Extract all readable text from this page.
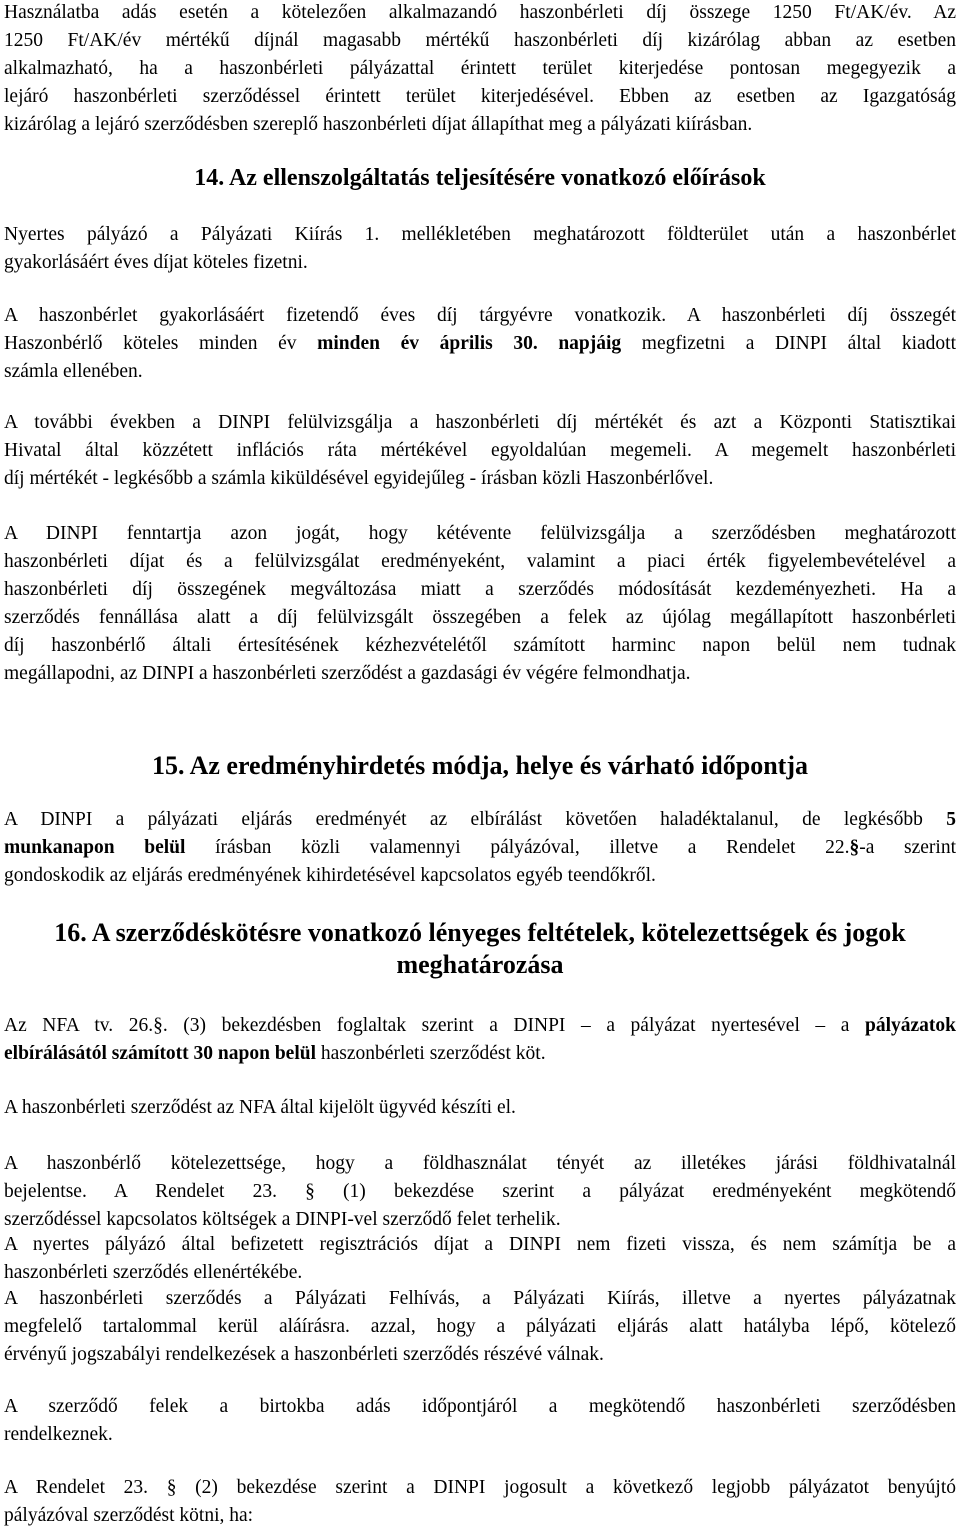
Használatba adás esetén a kötelezően alkalmazandó haszonbérleti díj összege 1250 Ft/AK/év. Az
1250 Ft/AK/év mértékű díjnál magasabb mértékű haszonbérleti díj kizárólag abban az esetben
alkalmazható, ha a haszonbérleti pályázattal érintett terület kiterjedése pontosan megegyezik a
lejáró haszonbérleti szerződéssel érintett terület kiterjedésével. Ebben az esetben az Igazgatóság
kizárólag a lejáró szerződésben szereplő haszonbérleti díjat állapíthat meg a pályázati kiírásban.

14. Az ellenszolgáltatás teljesítésére vonatkozó előírások

Nyertes pályázó a Pályázati Kiírás 1. mellékletében meghatározott földterület után a haszonbérlet
gyakorlásáért éves díjat köteles fizetni.

A haszonbérlet gyakorlásáért fizetendő éves díj tárgyévre vonatkozik. A haszonbérleti díj összegét
Haszonbérlő köteles minden év minden év április 30. napjáig megfizetni a DINPI által kiadott
számla ellenében.

A további években a DINPI felülvizsgálja a haszonbérleti díj mértékét és azt a Központi Statisztikai
Hivatal által közzétett inflációs ráta mértékével egyoldalúan megemeli. A megemelt haszonbérleti
díj mértékét - legkésőbb a számla kiküldésével egyidejűleg - írásban közli Haszonbérlővel.

A DINPI fenntartja azon jogát, hogy kétévente felülvizsgálja a szerződésben meghatározott
haszonbérleti díjat és a felülvizsgálat eredményeként, valamint a piaci érték figyelembevételével a
haszonbérleti díj összegének megváltozása miatt a szerződés módosítását kezdeményezheti. Ha a
szerződés fennállása alatt a díj felülvizsgált összegében a felek az újólag megállapított haszonbérleti
díj haszonbérlő általi értesítésének kézhezvételétől számított harminc napon belül nem tudnak
megállapodni, az DINPI a haszonbérleti szerződést a gazdasági év végére felmondhatja.

15. Az eredményhirdetés módja, helye és várható időpontja

A DINPI a pályázati eljárás eredményét az elbírálást követően haladéktalanul, de legkésőbb 5
munkanapon belül írásban közli valamennyi pályázóval, illetve a Rendelet 22.§-a szerint
gondoskodik az eljárás eredményének kihirdetésével kapcsolatos egyéb teendőkről.

16. A szerződéskötésre vonatkozó lényeges feltételek, kötelezettségek és jogok
meghatározása

Az NFA tv. 26.§. (3) bekezdésben foglaltak szerint a DINPI – a pályázat nyertesével – a pályázatok
elbírálásától számított 30 napon belül haszonbérleti szerződést köt.

A haszonbérleti szerződést az NFA által kijelölt ügyvéd készíti el.

A haszonbérlő kötelezettsége, hogy a földhasználat tényét az illetékes járási földhivatalnál
bejelentse. A Rendelet 23. § (1) bekezdése szerint a pályázat eredményeként megkötendő
szerződéssel kapcsolatos költségek a DINPI-vel szerződő felet terhelik.

A nyertes pályázó által befizetett regisztrációs díjat a DINPI nem fizeti vissza, és nem számítja be a
haszonbérleti szerződés ellenértékébe.

A haszonbérleti szerződés a Pályázati Felhívás, a Pályázati Kiírás, illetve a nyertes pályázatnak
megfelelő tartalommal kerül aláírásra. azzal, hogy a pályázati eljárás alatt hatályba lépő, kötelező
érvényű jogszabályi rendelkezések a haszonbérleti szerződés részévé válnak.

A szerződő felek a birtokba adás időpontjáról a megkötendő haszonbérleti szerződésben
rendelkeznek.

A Rendelet 23. § (2) bekezdése szerint a DINPI jogosult a következő legjobb pályázatot benyújtó
pályázóval szerződést kötni, ha:
